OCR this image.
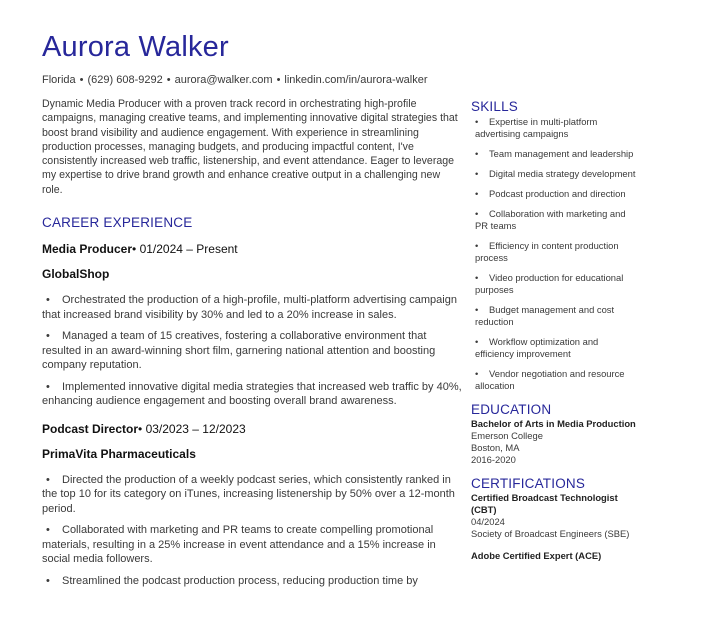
Aurora Walker
Florida • (629) 608-9292 • aurora@walker.com • linkedin.com/in/aurora-walker

Dynamic Media Producer with a proven track record in orchestrating high-profile campaigns, managing creative teams, and implementing innovative digital strategies that boost brand visibility and audience engagement. With experience in streamlining production processes, managing budgets, and producing impactful content, I've consistently increased web traffic, listenership, and event attendance. Eager to leverage my expertise to drive brand growth and enhance creative output in a challenging new role.

CAREER EXPERIENCE
Media Producer• 01/2024 – Present
GlobalShop
• Orchestrated the production of a high-profile, multi-platform advertising campaign that increased brand visibility by 30% and led to a 20% increase in sales.
• Managed a team of 15 creatives, fostering a collaborative environment that resulted in an award-winning short film, garnering national attention and boosting company reputation.
• Implemented innovative digital media strategies that increased web traffic by 40%, enhancing audience engagement and boosting overall brand awareness.
Podcast Director• 03/2023 – 12/2023
PrimaVita Pharmaceuticals
• Directed the production of a weekly podcast series, which consistently ranked in the top 10 for its category on iTunes, increasing listenership by 50% over a 12-month period.
• Collaborated with marketing and PR teams to create compelling promotional materials, resulting in a 25% increase in event attendance and a 15% increase in social media followers.
• Streamlined the podcast production process, reducing production time by
SKILLS
• Expertise in multi-platform advertising campaigns
• Team management and leadership
• Digital media strategy development
• Podcast production and direction
• Collaboration with marketing and PR teams
• Efficiency in content production process
• Video production for educational purposes
• Budget management and cost reduction
• Workflow optimization and efficiency improvement
• Vendor negotiation and resource allocation
EDUCATION
Bachelor of Arts in Media Production
Emerson College
Boston, MA
2016-2020
CERTIFICATIONS
Certified Broadcast Technologist (CBT)
04/2024
Society of Broadcast Engineers (SBE)
Adobe Certified Expert (ACE)
